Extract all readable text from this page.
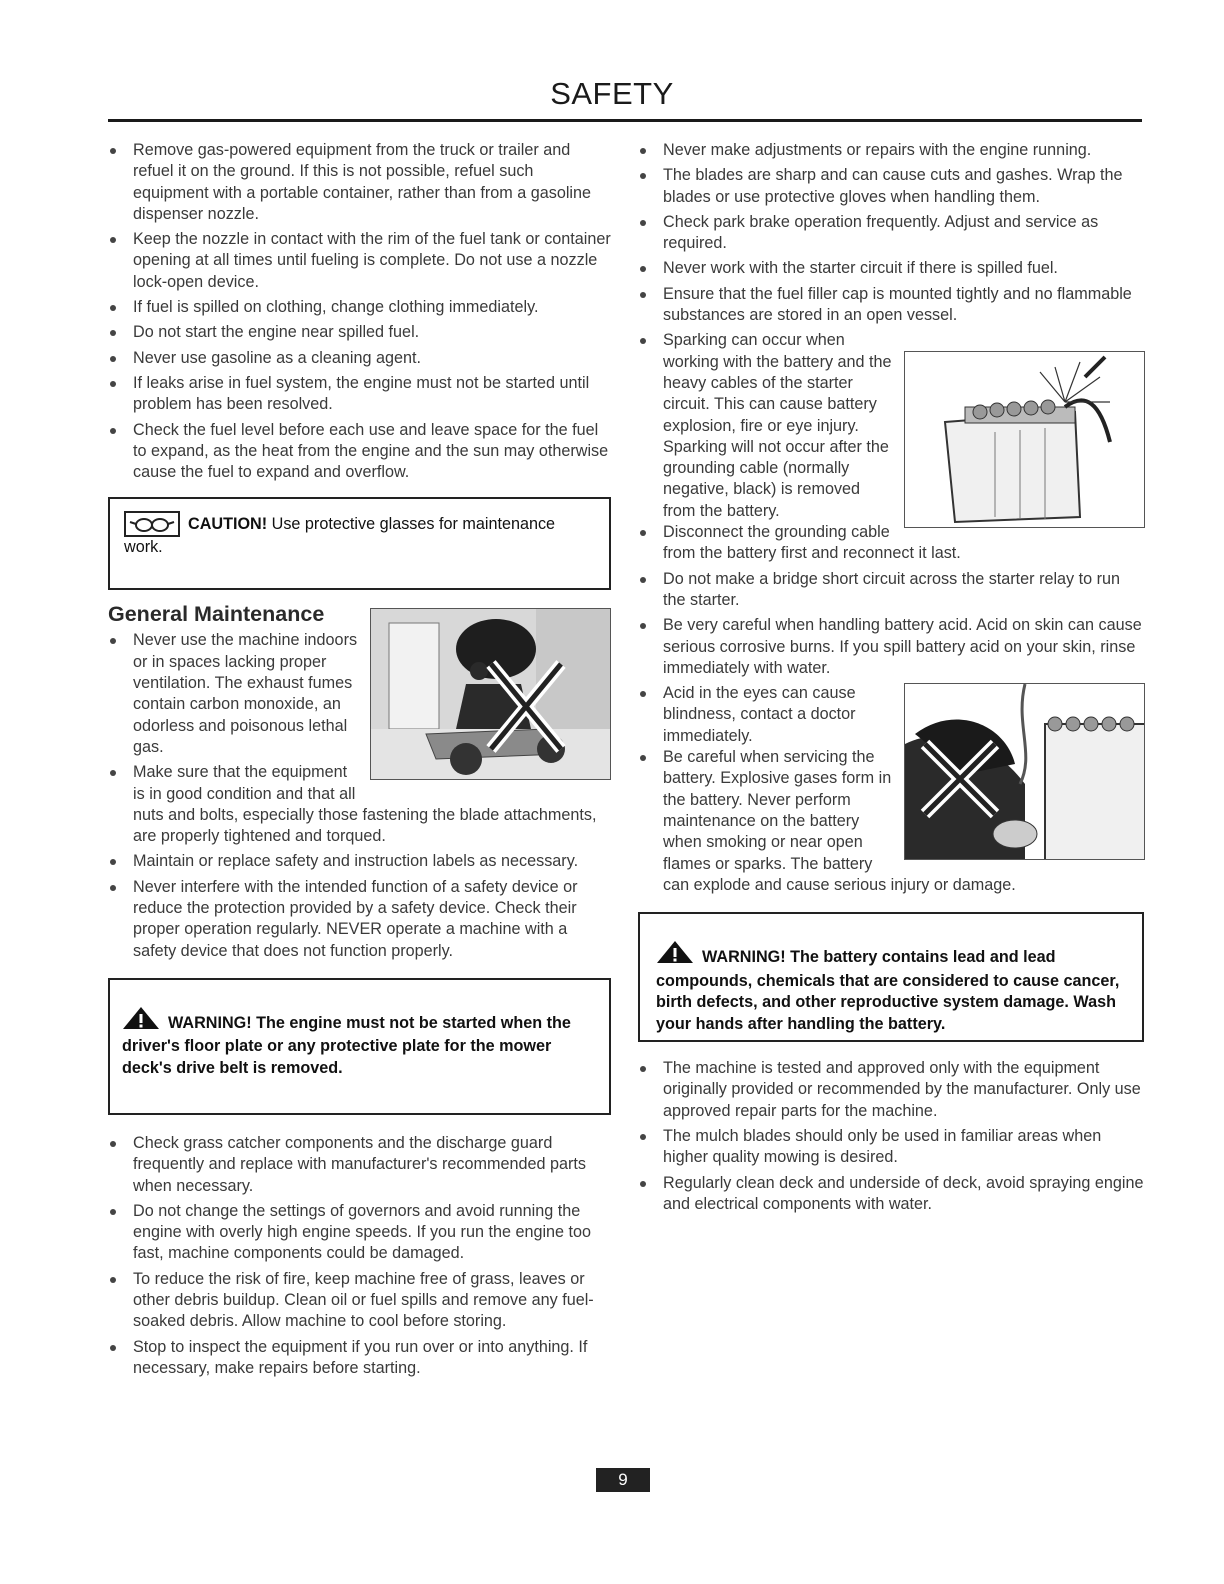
SAFETY
Remove gas-powered equipment from the truck or trailer and refuel it on the ground. If this is not possible, refuel such equipment with a portable container, rather than from a gasoline dispenser nozzle.
Keep the nozzle in contact with the rim of the fuel tank or container opening at all times until fueling is complete. Do not use a nozzle lock-open device.
If fuel is spilled on clothing, change clothing immediately.
Do not start the engine near spilled fuel.
Never use gasoline as a cleaning agent.
If leaks arise in fuel system, the engine must not be started until problem has been resolved.
Check the fuel level before each use and leave space for the fuel to expand, as the heat from the engine and the sun may otherwise cause the fuel to expand and overflow.
CAUTION! Use protective glasses for maintenance work.
General Maintenance
Never use the machine indoors or in spaces lacking proper ventilation. The exhaust fumes contain carbon monoxide, an odorless and poisonous lethal gas.
Make sure that the equipment is in good condition and that all nuts and bolts, especially those fastening the blade attachments, are properly tightened and torqued.
Maintain or replace safety and instruction labels as necessary.
Never interfere with the intended function of a safety device or reduce the protection provided by a safety device. Check their proper operation regularly. NEVER operate a machine with a safety device that does not function properly.
WARNING! The engine must not be started when the driver's floor plate or any protective plate for the mower deck's drive belt is removed.
Check grass catcher components and the discharge guard frequently and replace with manufacturer's recommended parts when necessary.
Do not change the settings of governors and avoid running the engine with overly high engine speeds. If you run the engine too fast, machine components could be damaged.
To reduce the risk of fire, keep machine free of grass, leaves or other debris buildup. Clean oil or fuel spills and remove any fuel-soaked debris. Allow machine to cool before storing.
Stop to inspect the equipment if you run over or into anything. If necessary, make repairs before starting.
Never make adjustments or repairs with the engine running.
The blades are sharp and can cause cuts and gashes. Wrap the blades or use protective gloves when handling them.
Check park brake operation frequently. Adjust and service as required.
Never work with the starter circuit if there is spilled fuel.
Ensure that the fuel filler cap is mounted tightly and no flammable substances are stored in an open vessel.
Sparking can occur when working with the battery and the heavy cables of the starter circuit. This can cause battery explosion, fire or eye injury. Sparking will not occur after the grounding cable (normally negative, black) is removed from the battery.
Disconnect the grounding cable from the battery first and reconnect it last.
Do not make a bridge short circuit across the starter relay to run the starter.
Be very careful when handling battery acid. Acid on skin can cause serious corrosive burns. If you spill battery acid on your skin, rinse immediately with water.
Acid in the eyes can cause blindness, contact a doctor immediately.
Be careful when servicing the battery. Explosive gases form in the battery. Never perform maintenance on the battery when smoking or near open flames or sparks. The battery can explode and cause serious injury or damage.
WARNING! The battery contains lead and lead compounds, chemicals that are considered to cause cancer, birth defects, and other reproductive system damage. Wash your hands after handling the battery.
The machine is tested and approved only with the equipment originally provided or recommended by the manufacturer. Only use approved repair parts for the machine.
The mulch blades should only be used in familiar areas when higher quality mowing is desired.
Regularly clean deck and underside of deck, avoid spraying engine and electrical components with water.
9
